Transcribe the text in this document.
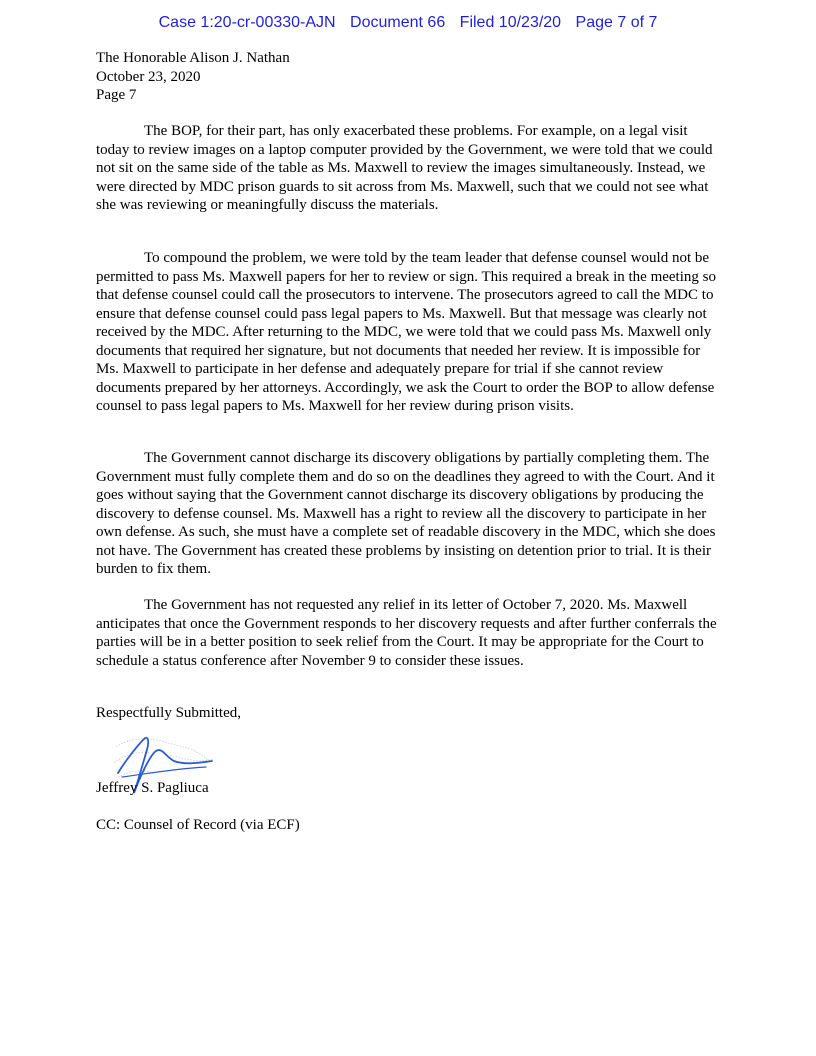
Case 1:20-cr-00330-AJN Document 66 Filed 10/23/20 Page 7 of 7
The Honorable Alison J. Nathan
October 23, 2020
Page 7

The BOP, for their part, has only exacerbated these problems. For example, on a legal visit today to review images on a laptop computer provided by the Government, we were told that we could not sit on the same side of the table as Ms. Maxwell to review the images simultaneously. Instead, we were directed by MDC prison guards to sit across from Ms. Maxwell, such that we could not see what she was reviewing or meaningfully discuss the materials.

To compound the problem, we were told by the team leader that defense counsel would not be permitted to pass Ms. Maxwell papers for her to review or sign. This required a break in the meeting so that defense counsel could call the prosecutors to intervene. The prosecutors agreed to call the MDC to ensure that defense counsel could pass legal papers to Ms. Maxwell. But that message was clearly not received by the MDC. After returning to the MDC, we were told that we could pass Ms. Maxwell only documents that required her signature, but not documents that needed her review. It is impossible for Ms. Maxwell to participate in her defense and adequately prepare for trial if she cannot review documents prepared by her attorneys. Accordingly, we ask the Court to order the BOP to allow defense counsel to pass legal papers to Ms. Maxwell for her review during prison visits.

The Government cannot discharge its discovery obligations by partially completing them. The Government must fully complete them and do so on the deadlines they agreed to with the Court. And it goes without saying that the Government cannot discharge its discovery obligations by producing the discovery to defense counsel. Ms. Maxwell has a right to review all the discovery to participate in her own defense. As such, she must have a complete set of readable discovery in the MDC, which she does not have. The Government has created these problems by insisting on detention prior to trial. It is their burden to fix them.

The Government has not requested any relief in its letter of October 7, 2020. Ms. Maxwell anticipates that once the Government responds to her discovery requests and after further conferrals the parties will be in a better position to seek relief from the Court. It may be appropriate for the Court to schedule a status conference after November 9 to consider these issues.

Respectfully Submitted,
Jeffrey S. Pagliuca
CC: Counsel of Record (via ECF)
